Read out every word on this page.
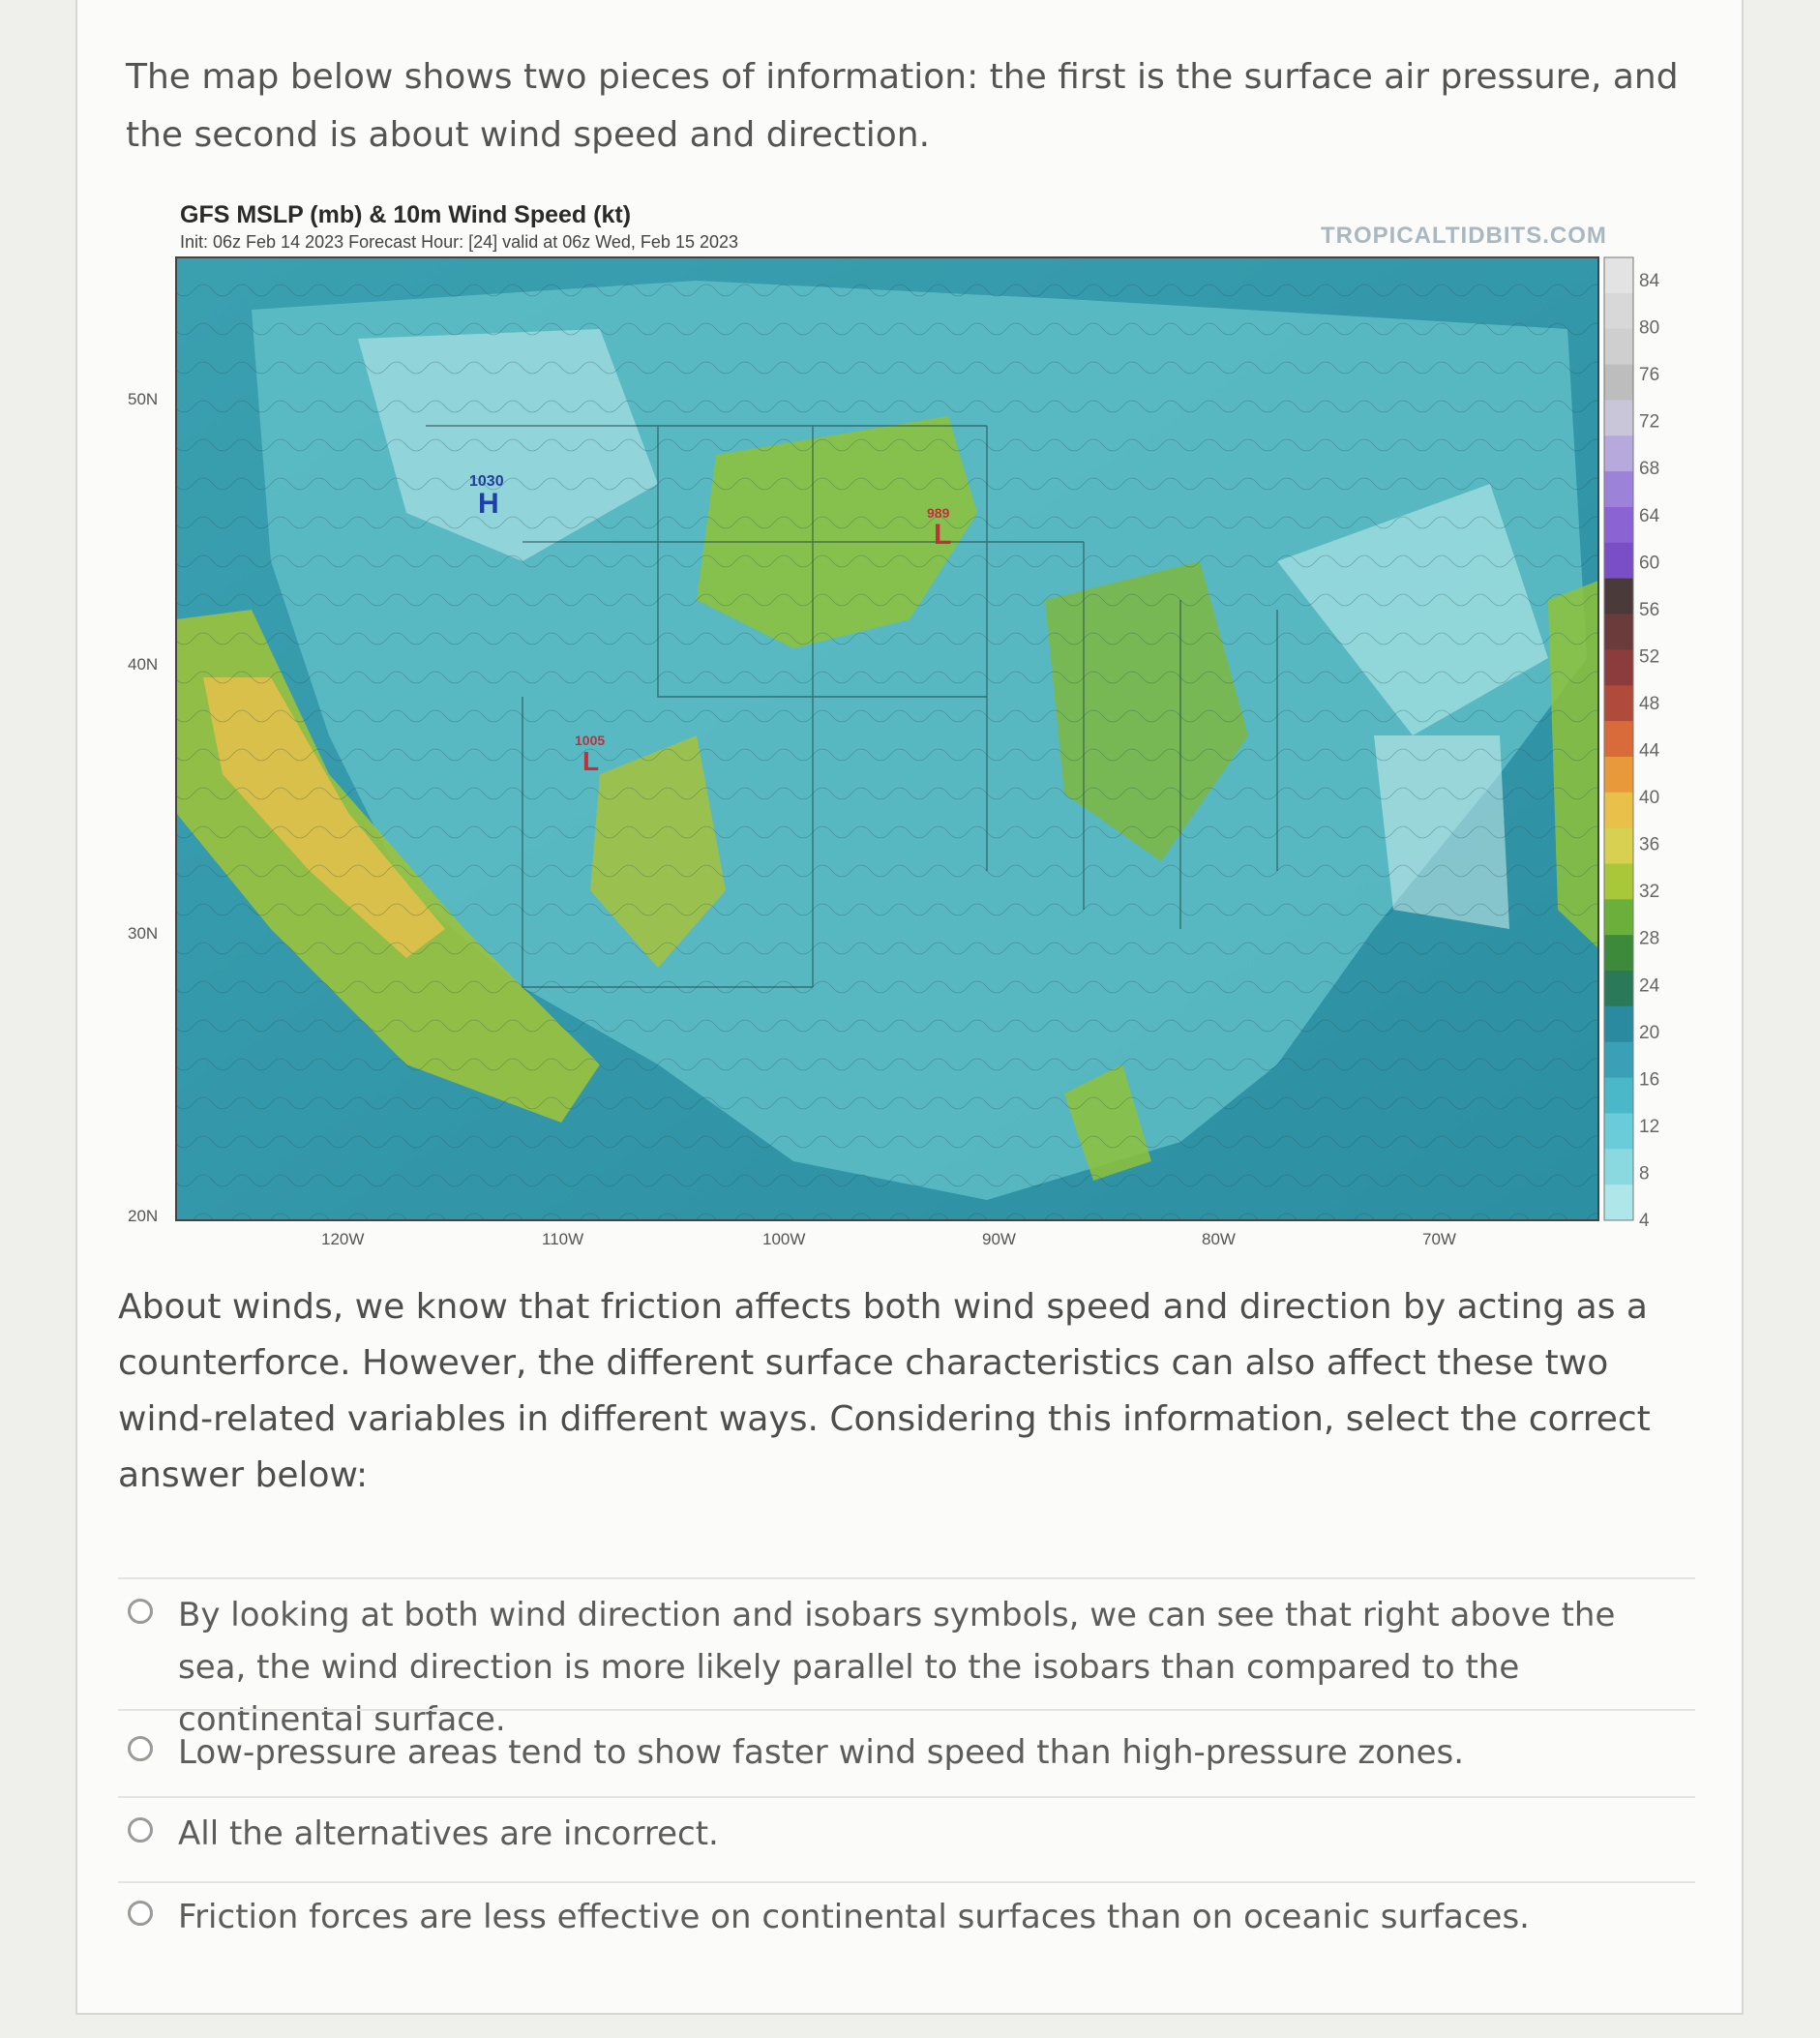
The map below shows two pieces of information: the first is the surface air pressure, and the second is about wind speed and direction.
1030
H	989
L
1005
L
50N
40N
30N
20N
120W	110W	100W	90W	80W	70W
84
80
76
72
68
64
60
56
52
48
44
40
36
32
28
24
20
16
12
8
4
GFS MSLP (mb) & 10m Wind Speed (kt)
Init: 06z Feb 14 2023 Forecast Hour: [24] valid at 06z Wed, Feb 15 2023	TROPICALTIDBITS.COM
About winds, we know that friction affects both wind speed and direction by acting as a counterforce. However, the different surface characteristics can also affect these two wind-related variables in different ways. Considering this information, select the correct answer below:
By looking at both wind direction and isobars symbols, we can see that right above the sea, the wind direction is more likely parallel to the isobars than compared to the continental surface.
Low-pressure areas tend to show faster wind speed than high-pressure zones.
All the alternatives are incorrect.
Friction forces are less effective on continental surfaces than on oceanic surfaces.
